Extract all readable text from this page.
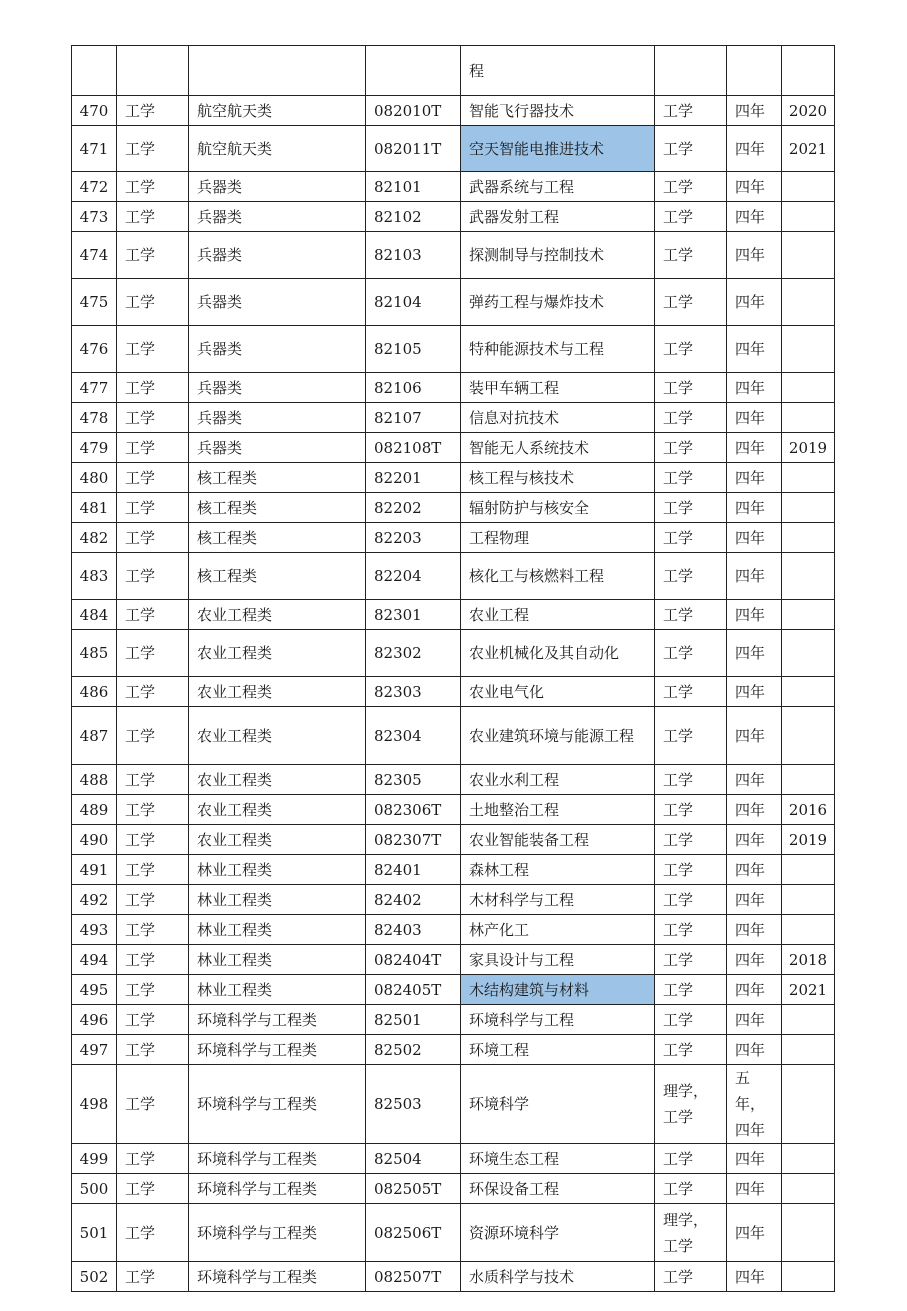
				程			
470	工学	航空航天类	082010T	智能飞行器技术	工学	四年	2020
471	工学	航空航天类	082011T	空天智能电推进技术	工学	四年	2021
472	工学	兵器类	82101	武器系统与工程	工学	四年	
473	工学	兵器类	82102	武器发射工程	工学	四年	
474	工学	兵器类	82103	探测制导与控制技术	工学	四年	
475	工学	兵器类	82104	弹药工程与爆炸技术	工学	四年	
476	工学	兵器类	82105	特种能源技术与工程	工学	四年	
477	工学	兵器类	82106	装甲车辆工程	工学	四年	
478	工学	兵器类	82107	信息对抗技术	工学	四年	
479	工学	兵器类	082108T	智能无人系统技术	工学	四年	2019
480	工学	核工程类	82201	核工程与核技术	工学	四年	
481	工学	核工程类	82202	辐射防护与核安全	工学	四年	
482	工学	核工程类	82203	工程物理	工学	四年	
483	工学	核工程类	82204	核化工与核燃料工程	工学	四年	
484	工学	农业工程类	82301	农业工程	工学	四年	
485	工学	农业工程类	82302	农业机械化及其自动化	工学	四年	
486	工学	农业工程类	82303	农业电气化	工学	四年	
487	工学	农业工程类	82304	农业建筑环境与能源工程	工学	四年	
488	工学	农业工程类	82305	农业水利工程	工学	四年	
489	工学	农业工程类	082306T	土地整治工程	工学	四年	2016
490	工学	农业工程类	082307T	农业智能装备工程	工学	四年	2019
491	工学	林业工程类	82401	森林工程	工学	四年	
492	工学	林业工程类	82402	木材科学与工程	工学	四年	
493	工学	林业工程类	82403	林产化工	工学	四年	
494	工学	林业工程类	082404T	家具设计与工程	工学	四年	2018
495	工学	林业工程类	082405T	木结构建筑与材料	工学	四年	2021
496	工学	环境科学与工程类	82501	环境科学与工程	工学	四年	
497	工学	环境科学与工程类	82502	环境工程	工学	四年	
498	工学	环境科学与工程类	82503	环境科学	理学，工学	五年，四年	
499	工学	环境科学与工程类	82504	环境生态工程	工学	四年	
500	工学	环境科学与工程类	082505T	环保设备工程	工学	四年	
501	工学	环境科学与工程类	082506T	资源环境科学	理学，工学	四年	
502	工学	环境科学与工程类	082507T	水质科学与技术	工学	四年	
